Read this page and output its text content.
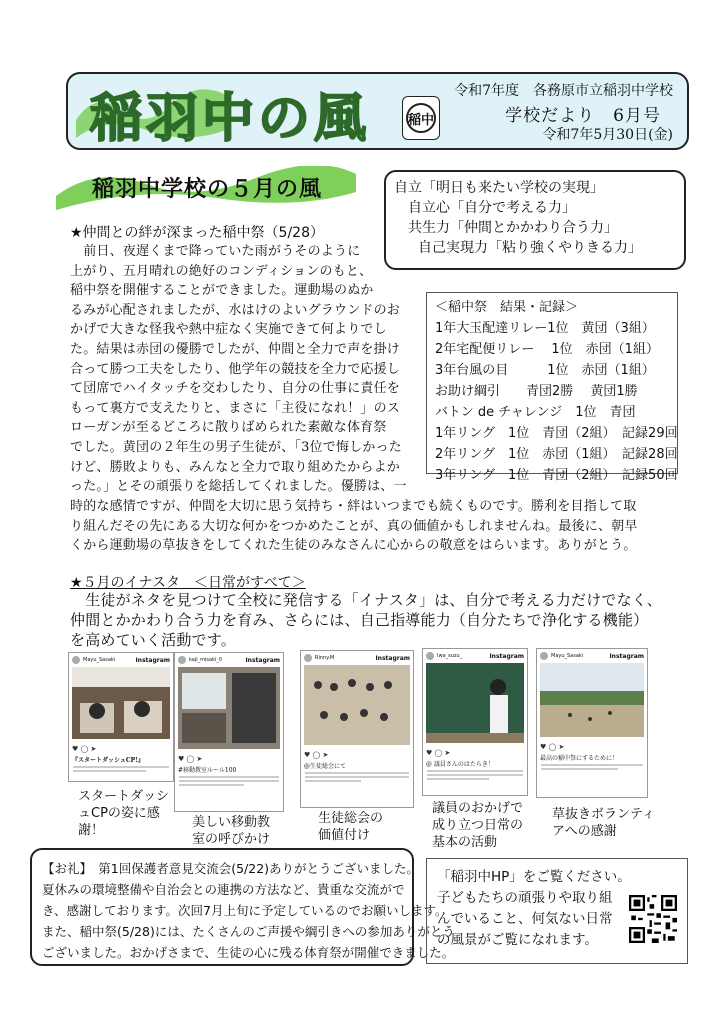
稲羽中の風	稲中
令和7年度　各務原市立稲羽中学校
学校だより　6月号
令和7年5月30日(金)
稲羽中学校の５月の風	自立「明日も来たい学校の実現」
自立心「自分で考える力」
共生力「仲間とかかわり合う力」
自己実現力「粘り強くやりきる力」
★仲間との絆が深まった稲中祭（5/28）

　前日、夜遅くまで降っていた雨がうそのように

上がり、五月晴れの絶好のコンディションのもと、

稲中祭を開催することができました。運動場のぬか

るみが心配されましたが、水はけのよいグラウンドのお

かげで大きな怪我や熱中症なく実施できて何よりでし

た。結果は赤団の優勝でしたが、仲間と全力で声を掛け

合って勝つ工夫をしたり、他学年の競技を全力で応援し

て団席でハイタッチを交わしたり、自分の仕事に責任を

もって裏方で支えたりと、まさに「主役になれ！」のス

ローガンが至るどころに散りばめられた素敵な体育祭

でした。黄団の２年生の男子生徒が、「3位で悔しかった

けど、勝敗よりも、みんなと全力で取り組めたからよか

った。」とその頑張りを総括してくれました。優勝は、一

時的な感情ですが、仲間を大切に思う気持ち・絆はいつまでも続くものです。勝利を目指して取

り組んだその先にある大切な何かをつかめたことが、真の価値かもしれませんね。最後に、朝早

くから運動場の草抜きをしてくれた生徒のみなさんに心からの敬意をはらいます。ありがとう。

＜稲中祭　結果・記録＞
1年大玉配達リレー1位　黄団（3組）
2年宅配便リレー　 1位　赤団（1組）
3年台風の目　　　1位　赤団（1組）
お助け綱引　　青団2勝　 黄団1勝
バトン de チャレンジ　1位　青団
1年リング　1位　青団（2組）　記録29回
2年リング　1位　赤団（1組）　記録28回
3年リング　1位　青団（2組）　記録50回
★５月のイナスタ　＜日常がすべて＞

　生徒がネタを見つけて全校に発信する「イナスタ」は、自分で考える力だけでなく、

仲間とかかわり合う力を育み、さらには、自己指導能力（自分たちで浄化する機能）

を高めていく活動です。

Mayu_Sasaki	Instagram
♥ ◯ ➤
『スタートダッシュCP!』
スタートダッシ
ュCPの姿に感
謝！
kaji_misaki_0	Instagram
♥ ◯ ➤
#移動教室ルール100
美しい移動教
室の呼びかけ
Rinny.M	Instagram
♥ ◯ ➤
@生徒総会にて
生徒総会の
価値付け
Iwa_suzu_	Instagram
♥ ◯ ➤
@ 議員さんのはたらき！
議員のおかげで
成り立つ日常の
基本の活動
Mayu_Sasaki	Instagram
♥ ◯ ➤
最高の稲中祭にするために！
草抜きボランティ
アへの感謝
【お礼】　第1回保護者意見交流会(5/22)ありがとうございました。
夏休みの環境整備や自治会との連携の方法など、貴重な交流がで
き、感謝しております。次回7月上旬に予定しているのでお願いします。
また、稲中祭(5/28)には、たくさんのご声援や綱引きへの参加ありがとう
ございました。おかげさまで、生徒の心に残る体育祭が開催できました。
「稲羽中HP」をご覧ください。
子どもたちの頑張りや取り組
んでいること、何気ない日常
の風景がご覧になれます。
